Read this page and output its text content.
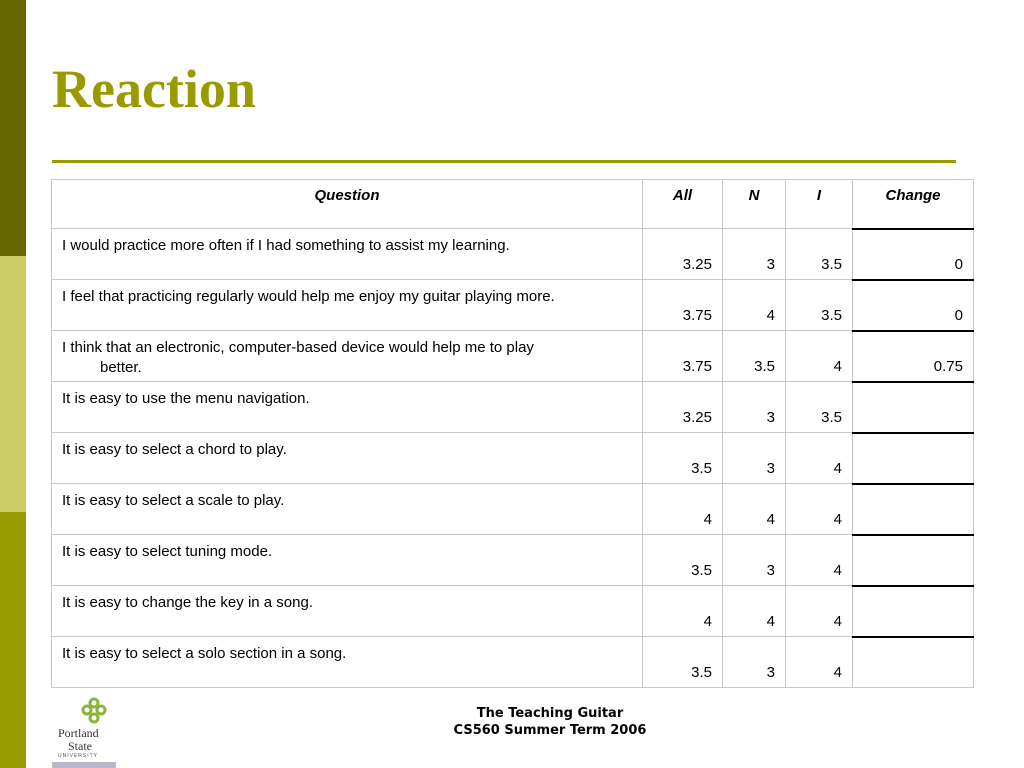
Reaction
Question	All	N	I	Change
I would practice more often if I had something to assist my learning.	3.25	3	3.5	0
I feel that practicing regularly would help me enjoy my guitar playing more.	3.75	4	3.5	0

I think that an electronic, computer-based device would help me to play
better.	3.75	3.5	4	0.75
It is easy to use the menu navigation.	3.25	3	3.5	
It is easy to select a chord to play.	3.5	3	4	
It is easy to select a scale to play.	4	4	4	
It is easy to select tuning mode.	3.5	3	4	
It is easy to change the key in a song.	4	4	4	
It is easy to select a solo section in a song.	3.5	3	4	
Portland
State
UNIVERSITY
The Teaching Guitar
CS560 Summer Term 2006
